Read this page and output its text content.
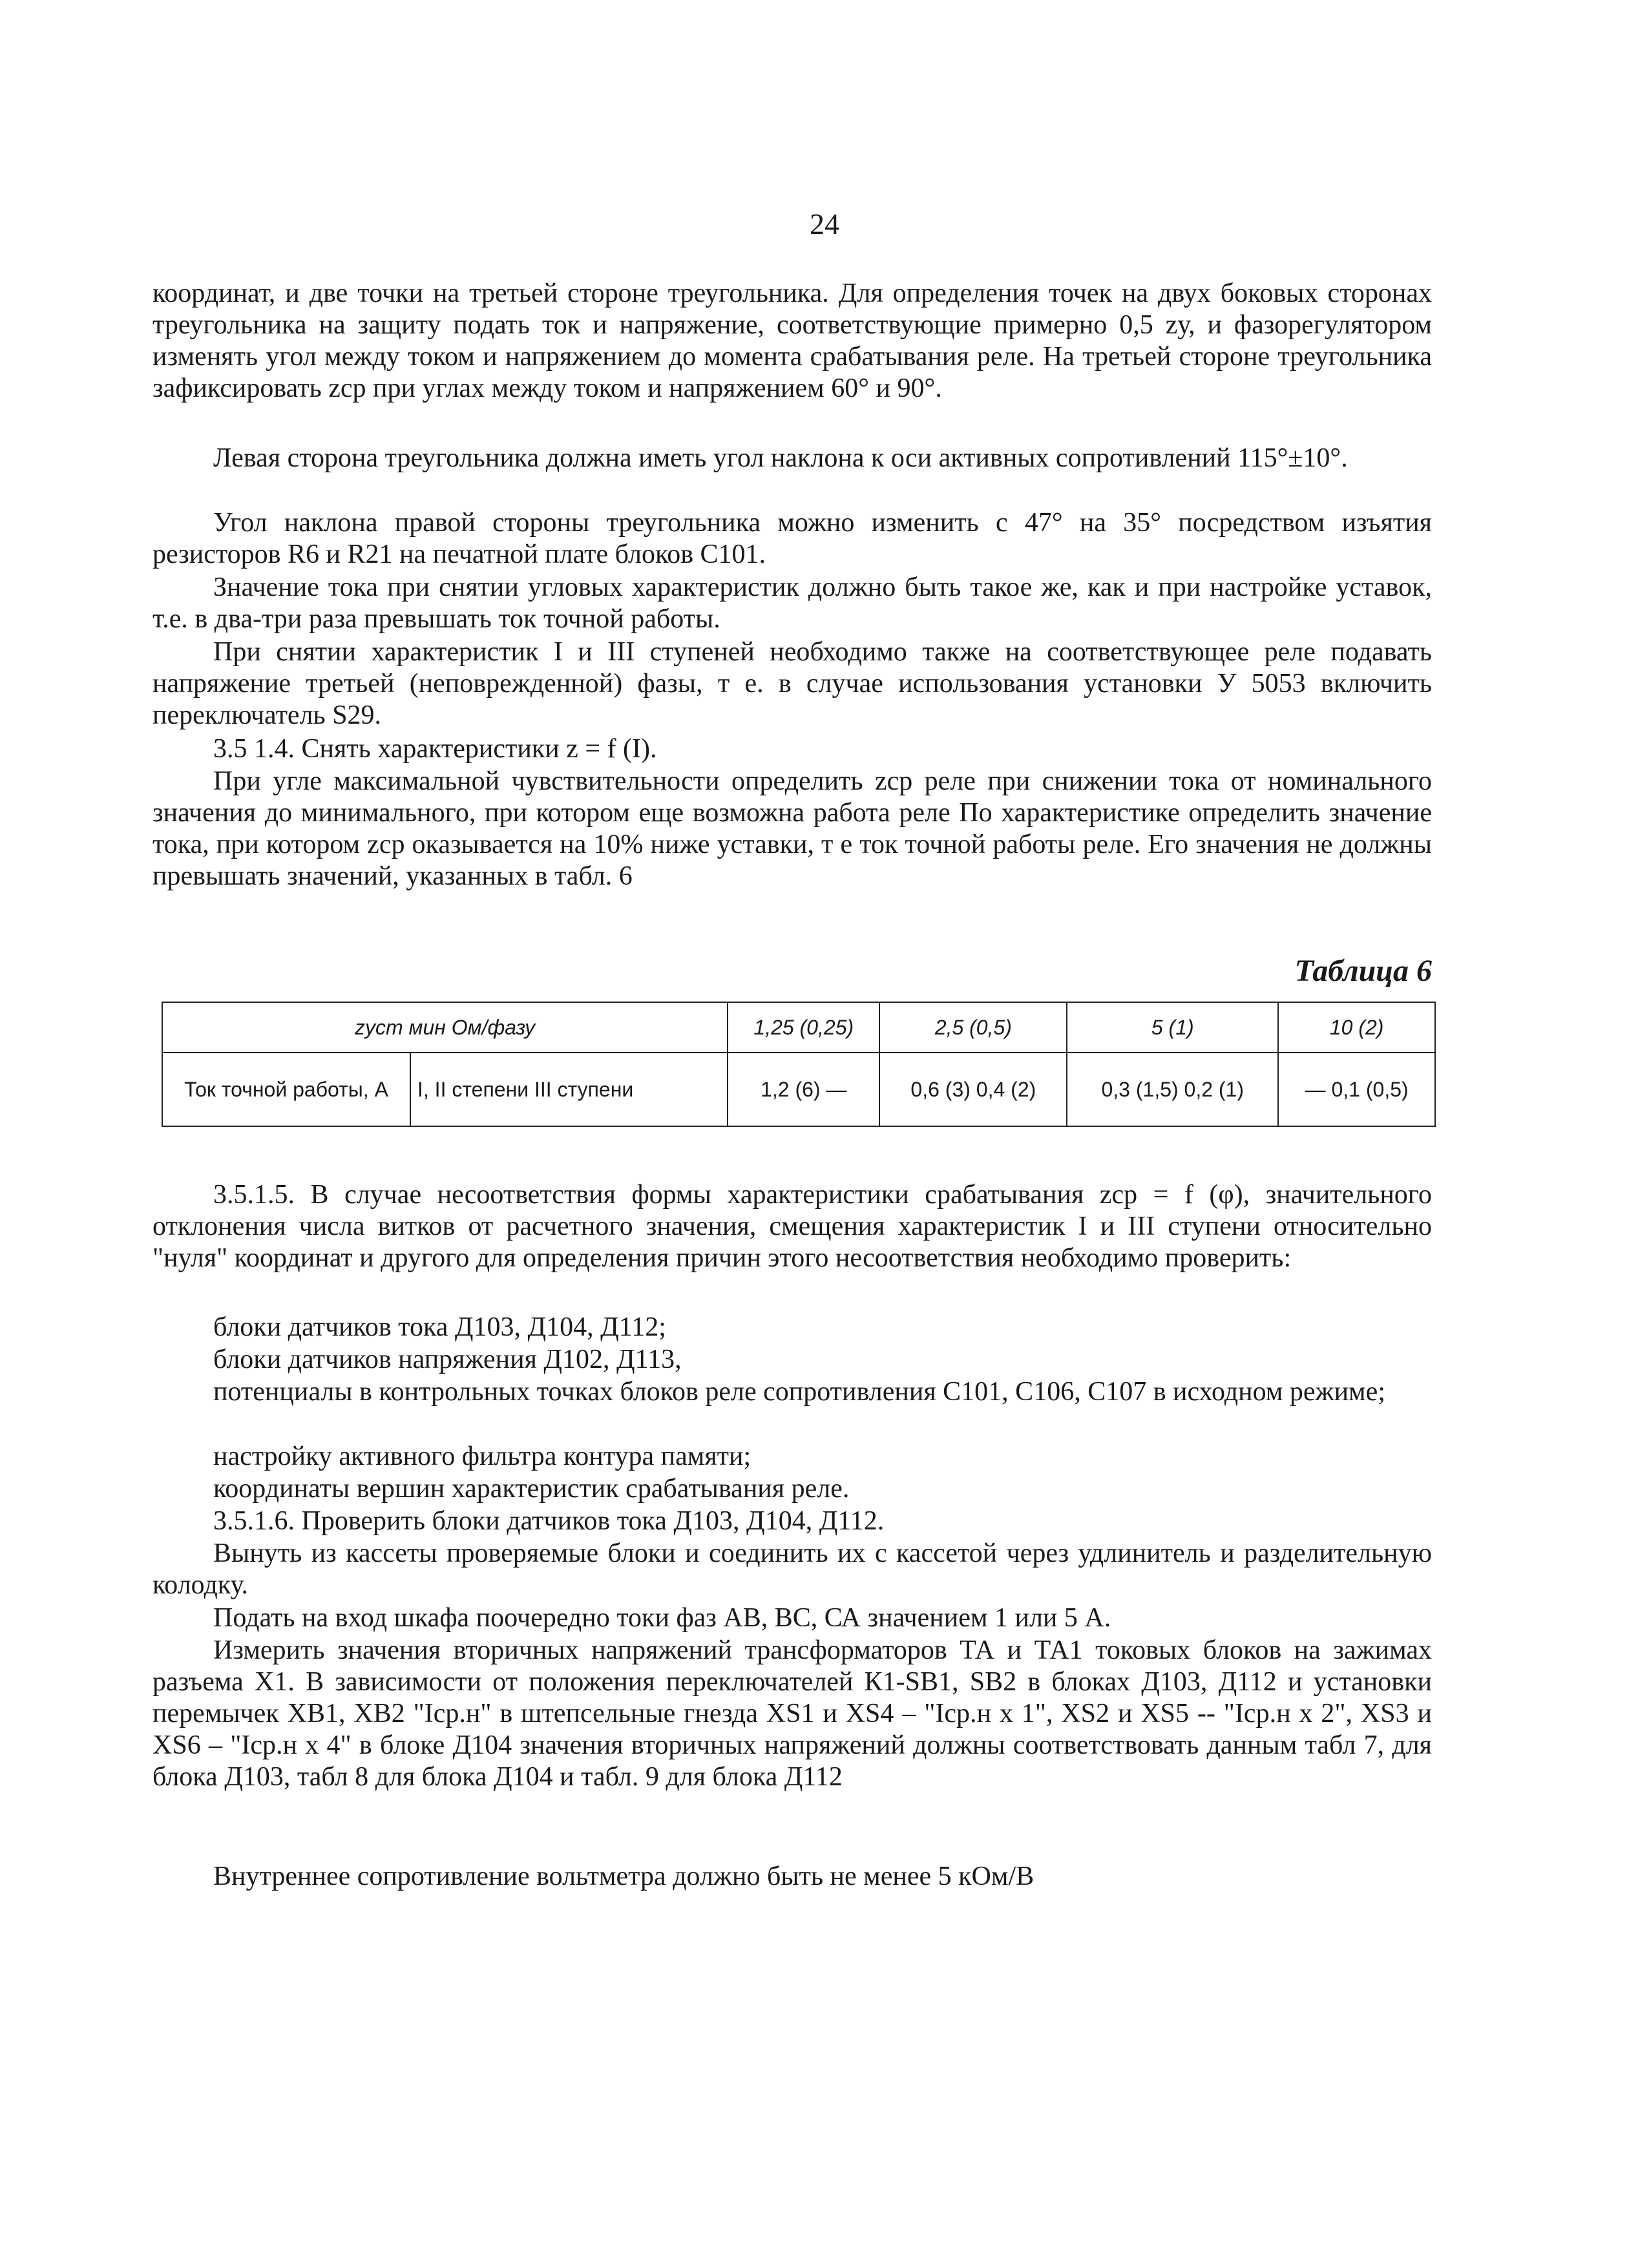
24

координат, и две точки на третьей стороне треугольника. Для определения точек на двух боковых сторонах треугольника на защиту подать ток и напряжение, соответствующие примерно 0,5 zу, и фазорегулятором изменять угол между током и напряжением до момента срабатывания реле. На третьей стороне треугольника зафиксировать zср при углах между током и напряжением 60° и 90°.

Левая сторона треугольника должна иметь угол наклона к оси активных сопротивлений 115°±10°.

Угол наклона правой стороны треугольника можно изменить с 47° на 35° посредством изъятия резисторов R6 и R21 на печатной плате блоков С101.

Значение тока при снятии угловых характеристик должно быть такое же, как и при настройке уставок, т.е. в два-три раза превышать ток точной работы.

При снятии характеристик I и III ступеней необходимо также на соответствующее реле подавать напряжение третьей (неповрежденной) фазы, т е. в случае использования установки У 5053 включить переключатель S29.

3.5 1.4. Снять характеристики z = f (I).

При угле максимальной чувствительности определить zср реле при снижении тока от номинального значения до минимального, при котором еще возможна работа реле По характеристике определить значение тока, при котором zср оказывается на 10% ниже уставки, т е ток точной работы реле. Его значения не должны превышать значений, указанных в табл. 6

Таблица 6
zуст мин Ом/фазу		1,25 (0,25)	2,5 (0,5)	5 (1)	10 (2)
Ток точной работы, А	I, II степени III ступени	1,2 (6) —	0,6 (3) 0,4 (2)	0,3 (1,5) 0,2 (1)	— 0,1 (0,5)

3.5.1.5. В случае несоответствия формы характеристики срабатывания zср = f (φ), значительного отклонения числа витков от расчетного значения, смещения характеристик I и III ступени относительно "нуля" координат и другого для определения причин этого несоответствия необходимо проверить:

блоки датчиков тока Д103, Д104, Д112;

блоки датчиков напряжения Д102, Д113,

потенциалы в контрольных точках блоков реле сопротивления С101, С106, С107 в исходном режиме;

настройку активного фильтра контура памяти;

координаты вершин характеристик срабатывания реле.

3.5.1.6. Проверить блоки датчиков тока Д103, Д104, Д112.

Вынуть из кассеты проверяемые блоки и соединить их с кассетой через удлинитель и разделительную колодку.

Подать на вход шкафа поочередно токи фаз АВ, ВС, СА значением 1 или 5 А.

Измерить значения вторичных напряжений трансформаторов ТА и ТА1 токовых блоков на зажимах разъема X1. В зависимости от положения переключателей К1-SB1, SB2 в блоках Д103, Д112 и установки перемычек ХВ1, ХВ2 "Iср.н" в штепсельные гнезда XS1 и XS4 – "Iср.н х 1", XS2 и XS5 -- "Iср.н х 2", XS3 и XS6 – "Iср.н х 4" в блоке Д104 значения вторичных напряжений должны соответствовать данным табл 7, для блока Д103, табл 8 для блока Д104 и табл. 9 для блока Д112

Внутреннее сопротивление вольтметра должно быть не менее 5 кОм/В
